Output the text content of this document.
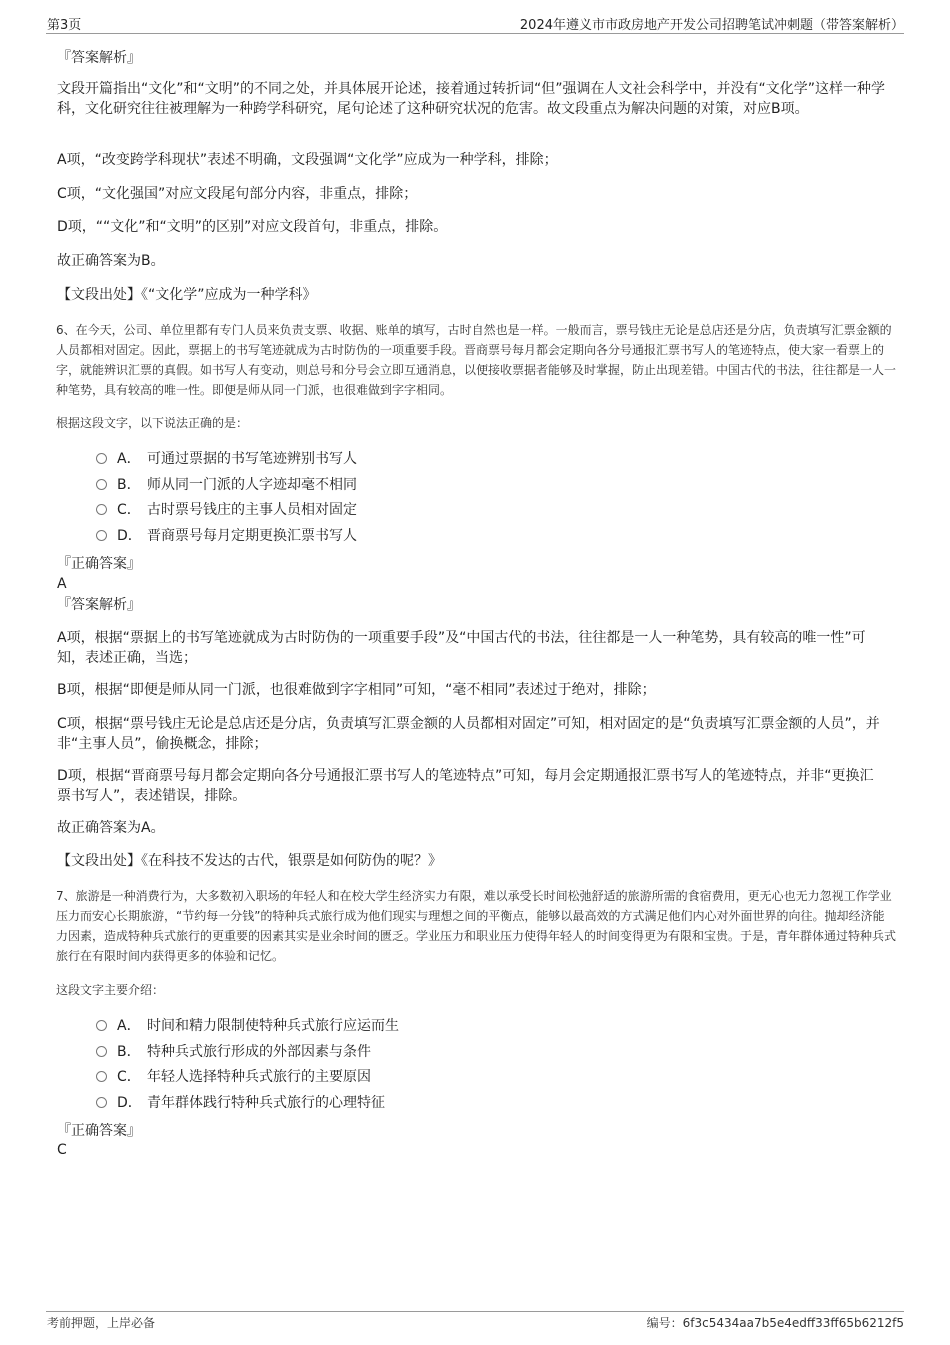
第3页	2024年遵义市市政房地产开发公司招聘笔试冲刺题（带答案解析）
『答案解析』
文段开篇指出“文化”和“文明”的不同之处，并具体展开论述，接着通过转折词“但”强调在人文社会科学中，并没有“文化学”这样一种学科，文化研究往往被理解为一种跨学科研究，尾句论述了这种研究状况的危害。故文段重点为解决问题的对策，对应B项。
A项，“改变跨学科现状”表述不明确，文段强调“文化学”应成为一种学科，排除；
C项，“文化强国”对应文段尾句部分内容，非重点，排除；
D项，““文化”和“文明”的区别”对应文段首句，非重点，排除。
故正确答案为B。
【文段出处】《“文化学”应成为一种学科》
6、在今天，公司、单位里都有专门人员来负责支票、收据、账单的填写，古时自然也是一样。一般而言，票号钱庄无论是总店还是分店，负责填写汇票金额的人员都相对固定。因此，票据上的书写笔迹就成为古时防伪的一项重要手段。晋商票号每月都会定期向各分号通报汇票书写人的笔迹特点，使大家一看票上的字，就能辨识汇票的真假。如书写人有变动，则总号和分号会立即互通消息，以便接收票据者能够及时掌握，防止出现差错。中国古代的书法，往往都是一人一种笔势，具有较高的唯一性。即便是师从同一门派，也很难做到字字相同。
根据这段文字，以下说法正确的是：
A． 可通过票据的书写笔迹辨别书写人
B． 师从同一门派的人字迹却毫不相同
C． 古时票号钱庄的主事人员相对固定
D． 晋商票号每月定期更换汇票书写人
『正确答案』
A
『答案解析』
A项，根据“票据上的书写笔迹就成为古时防伪的一项重要手段”及“中国古代的书法，往往都是一人一种笔势，具有较高的唯一性”可知，表述正确，当选；
B项，根据“即便是师从同一门派，也很难做到字字相同”可知，“毫不相同”表述过于绝对，排除；
C项，根据“票号钱庄无论是总店还是分店，负责填写汇票金额的人员都相对固定”可知，相对固定的是“负责填写汇票金额的人员”，并非“主事人员”，偷换概念，排除；
D项，根据“晋商票号每月都会定期向各分号通报汇票书写人的笔迹特点”可知，每月会定期通报汇票书写人的笔迹特点，并非“更换汇票书写人”，表述错误，排除。
故正确答案为A。
【文段出处】《在科技不发达的古代，银票是如何防伪的呢？》
7、旅游是一种消费行为，大多数初入职场的年轻人和在校大学生经济实力有限，难以承受长时间松弛舒适的旅游所需的食宿费用，更无心也无力忽视工作学业压力而安心长期旅游，“节约每一分钱”的特种兵式旅行成为他们现实与理想之间的平衡点，能够以最高效的方式满足他们内心对外面世界的向往。抛却经济能力因素，造成特种兵式旅行的更重要的因素其实是业余时间的匮乏。学业压力和职业压力使得年轻人的时间变得更为有限和宝贵。于是，青年群体通过特种兵式旅行在有限时间内获得更多的体验和记忆。
这段文字主要介绍：
A． 时间和精力限制使特种兵式旅行应运而生
B． 特种兵式旅行形成的外部因素与条件
C． 年轻人选择特种兵式旅行的主要原因
D． 青年群体践行特种兵式旅行的心理特征
『正确答案』
C
考前押题，上岸必备	编号：6f3c5434aa7b5e4edff33ff65b6212f5
